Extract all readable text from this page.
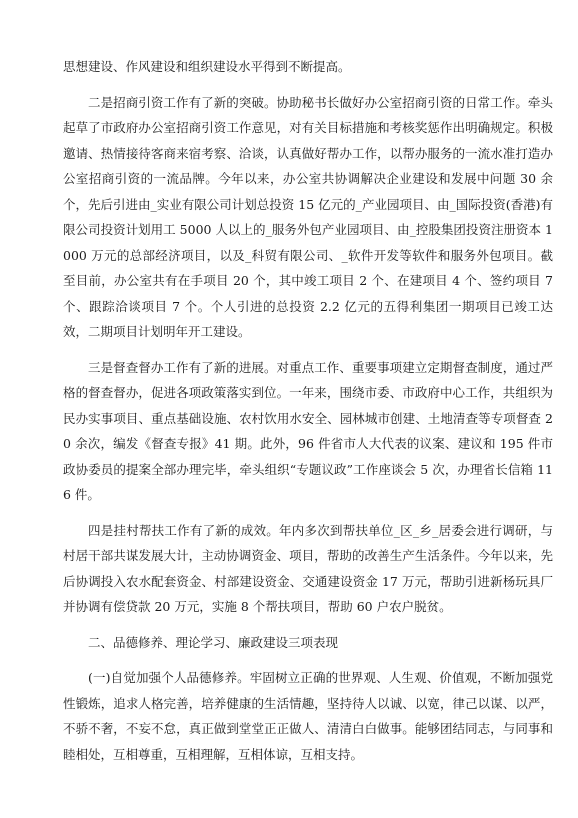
思想建设、作风建设和组织建设水平得到不断提高。

二是招商引资工作有了新的突破。协助秘书长做好办公室招商引资的日常工作。牵头起草了市政府办公室招商引资工作意见，对有关目标措施和考核奖惩作出明确规定。积极邀请、热情接待客商来宿考察、洽谈，认真做好帮办工作，以帮办服务的一流水准打造办公室招商引资的一流品牌。今年以来，办公室共协调解决企业建设和发展中问题 30 余个，先后引进由_实业有限公司计划总投资 15 亿元的_产业园项目、由_国际投资(香港)有限公司投资计划用工 5000 人以上的_服务外包产业园项目、由_控股集团投资注册资本 1000 万元的总部经济项目，以及_科贸有限公司、_软件开发等软件和服务外包项目。截至目前，办公室共有在手项目 20 个，其中竣工项目 2 个、在建项目 4 个、签约项目 7 个、跟踪洽谈项目 7 个。个人引进的总投资 2.2 亿元的五得利集团一期项目已竣工达效，二期项目计划明年开工建设。

三是督查督办工作有了新的进展。对重点工作、重要事项建立定期督查制度，通过严格的督查督办，促进各项政策落实到位。一年来，围绕市委、市政府中心工作，共组织为民办实事项目、重点基础设施、农村饮用水安全、园林城市创建、土地清查等专项督查 20 余次，编发《督查专报》41 期。此外，96 件省市人大代表的议案、建议和 195 件市政协委员的提案全部办理完毕，牵头组织“专题议政”工作座谈会 5 次，办理省长信箱 116 件。

四是挂村帮扶工作有了新的成效。年内多次到帮扶单位_区_乡_居委会进行调研，与村居干部共谋发展大计，主动协调资金、项目，帮助的改善生产生活条件。今年以来，先后协调投入农水配套资金、村部建设资金、交通建设资金 17 万元，帮助引进新杨玩具厂并协调有偿贷款 20 万元，实施 8 个帮扶项目，帮助 60 户农户脱贫。

二、品德修养、理论学习、廉政建设三项表现

(一)自觉加强个人品德修养。牢固树立正确的世界观、人生观、价值观，不断加强党性锻炼，追求人格完善，培养健康的生活情趣，坚持待人以诚、以宽，律己以谋、以严，不骄不奢，不妄不怠，真正做到堂堂正正做人、清清白白做事。能够团结同志，与同事和睦相处，互相尊重，互相理解，互相体谅，互相支持。
